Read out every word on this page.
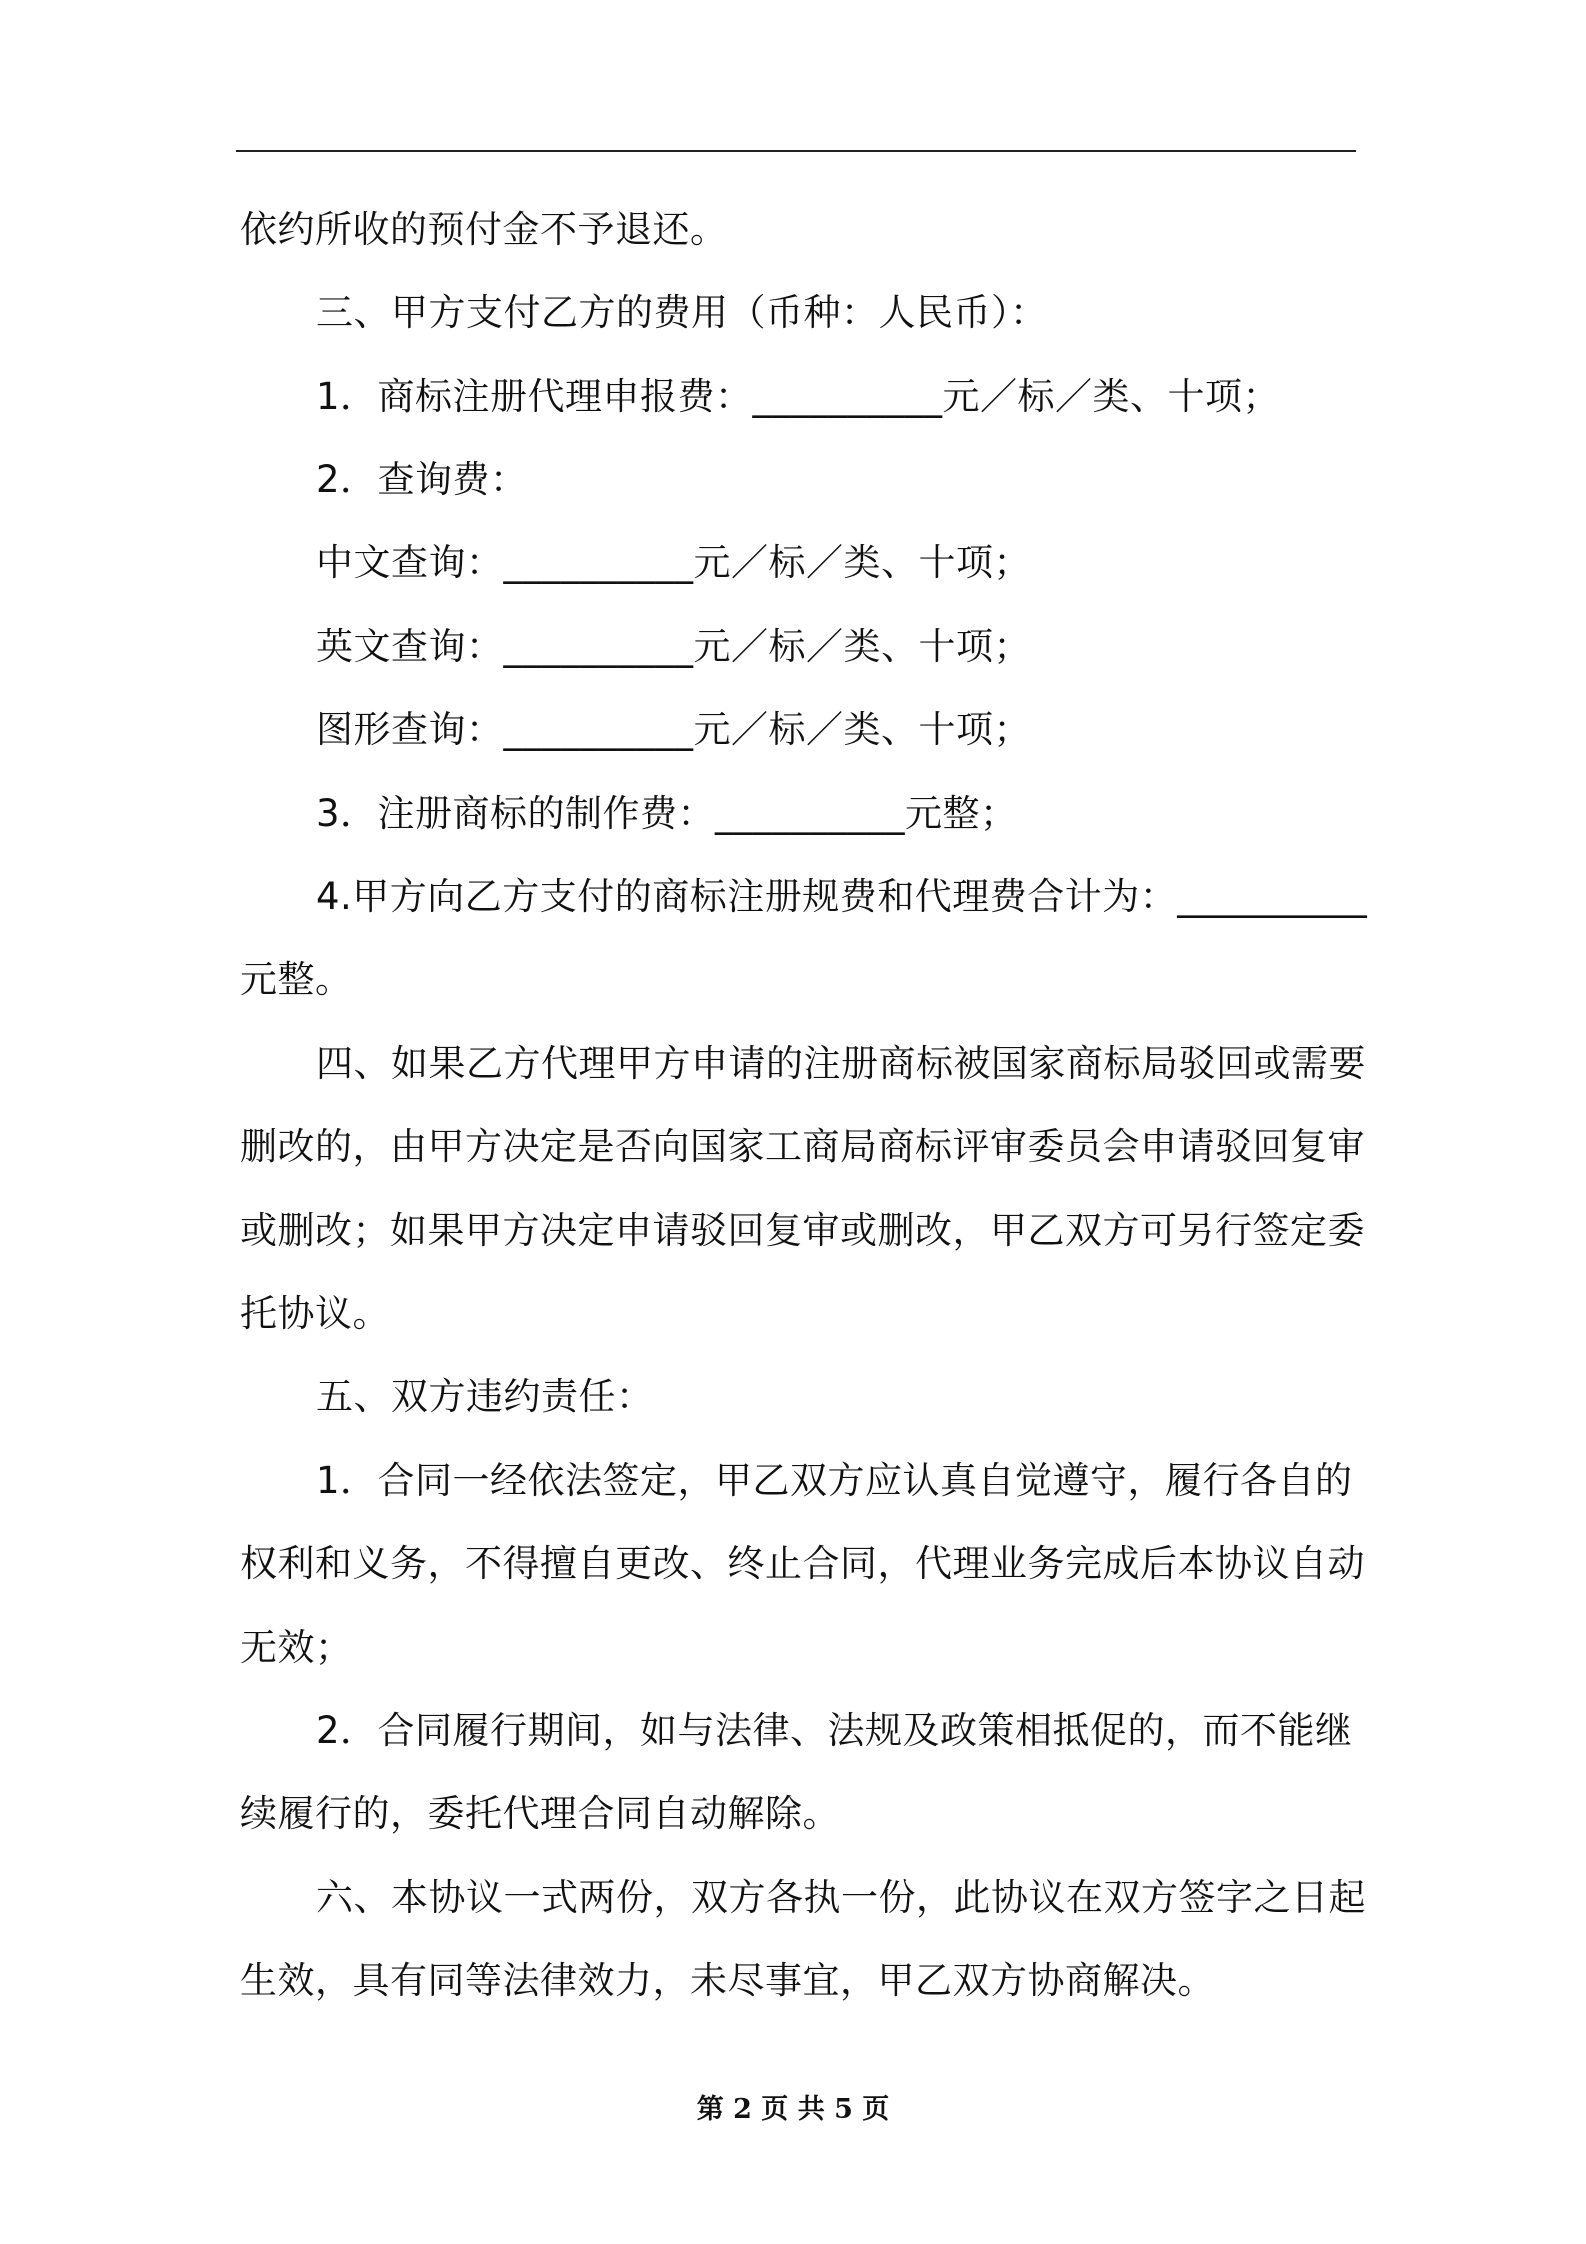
依约所收的预付金不予退还。
三、甲方支付乙方的费用（币种：人民币）：
1．商标注册代理申报费：__________元／标／类、十项；
2．查询费：
中文查询：__________元／标／类、十项；
英文查询：__________元／标／类、十项；
图形查询：__________元／标／类、十项；
3．注册商标的制作费：__________元整；
4.甲方向乙方支付的商标注册规费和代理费合计为：__________
元整。
四、如果乙方代理甲方申请的注册商标被国家商标局驳回或需要
删改的，由甲方决定是否向国家工商局商标评审委员会申请驳回复审
或删改；如果甲方决定申请驳回复审或删改，甲乙双方可另行签定委
托协议。
五、双方违约责任：
1．合同一经依法签定，甲乙双方应认真自觉遵守，履行各自的
权利和义务，不得擅自更改、终止合同，代理业务完成后本协议自动
无效；
2．合同履行期间，如与法律、法规及政策相抵促的，而不能继
续履行的，委托代理合同自动解除。
六、本协议一式两份，双方各执一份，此协议在双方签字之日起
生效，具有同等法律效力，未尽事宜，甲乙双方协商解决。
第 2 页 共 5 页
